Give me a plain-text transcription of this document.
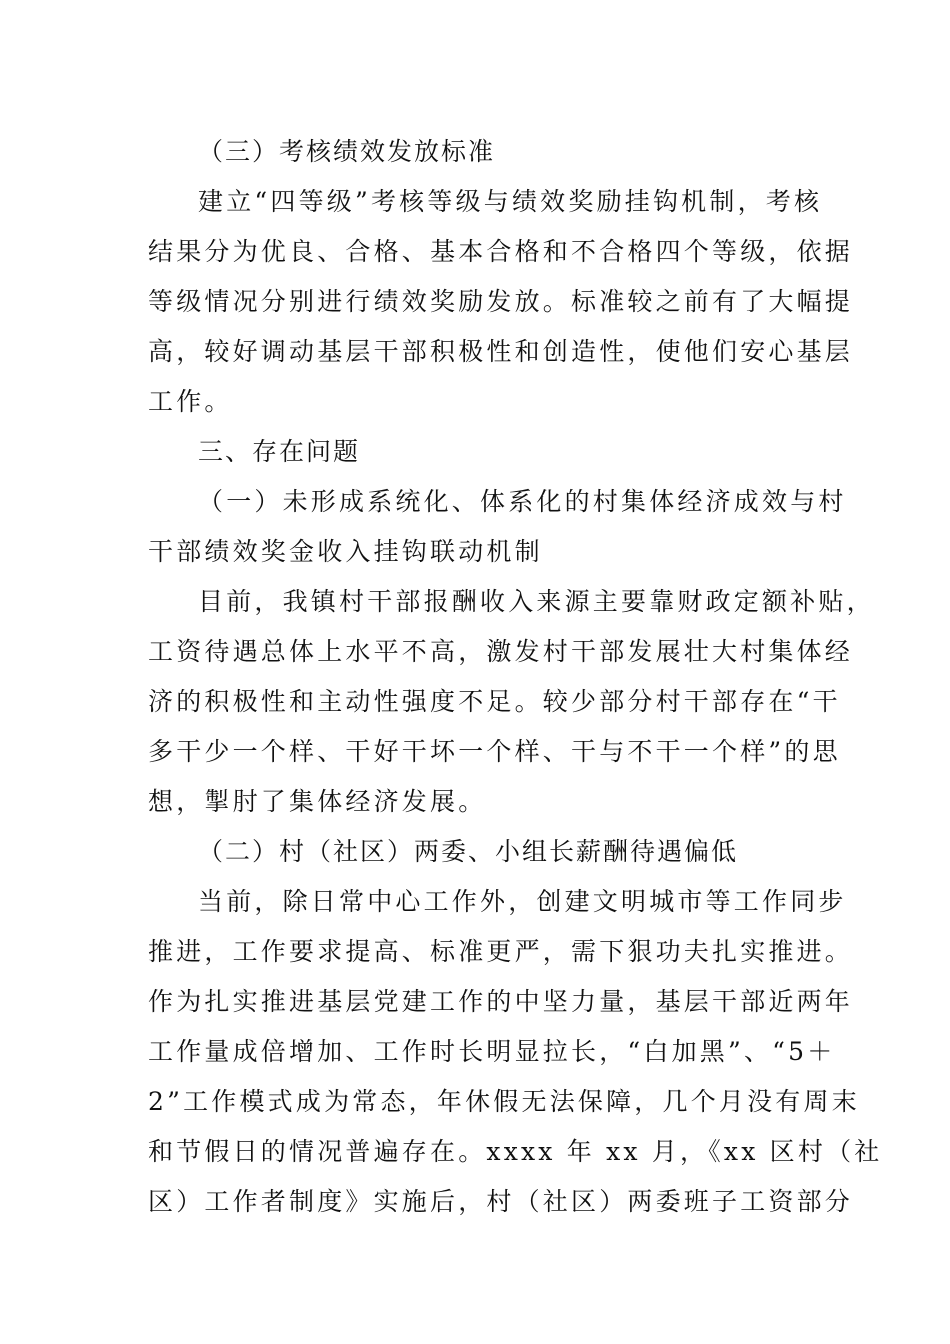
（三）考核绩效发放标准
建立“四等级”考核等级与绩效奖励挂钩机制，考核
结果分为优良、合格、基本合格和不合格四个等级，依据
等级情况分别进行绩效奖励发放。标准较之前有了大幅提
高，较好调动基层干部积极性和创造性，使他们安心基层
工作。
三、存在问题
（一）未形成系统化、体系化的村集体经济成效与村
干部绩效奖金收入挂钩联动机制
目前，我镇村干部报酬收入来源主要靠财政定额补贴，
工资待遇总体上水平不高，激发村干部发展壮大村集体经
济的积极性和主动性强度不足。较少部分村干部存在“干
多干少一个样、干好干坏一个样、干与不干一个样”的思
想，掣肘了集体经济发展。
（二）村（社区）两委、小组长薪酬待遇偏低
当前，除日常中心工作外，创建文明城市等工作同步
推进，工作要求提高、标准更严，需下狠功夫扎实推进。
作为扎实推进基层党建工作的中坚力量，基层干部近两年
工作量成倍增加、工作时长明显拉长，“白加黑”、“5＋
2”工作模式成为常态，年休假无法保障，几个月没有周末
和节假日的情况普遍存在。xxxx 年 xx 月，《xx 区村（社
区）工作者制度》实施后，村（社区）两委班子工资部分
